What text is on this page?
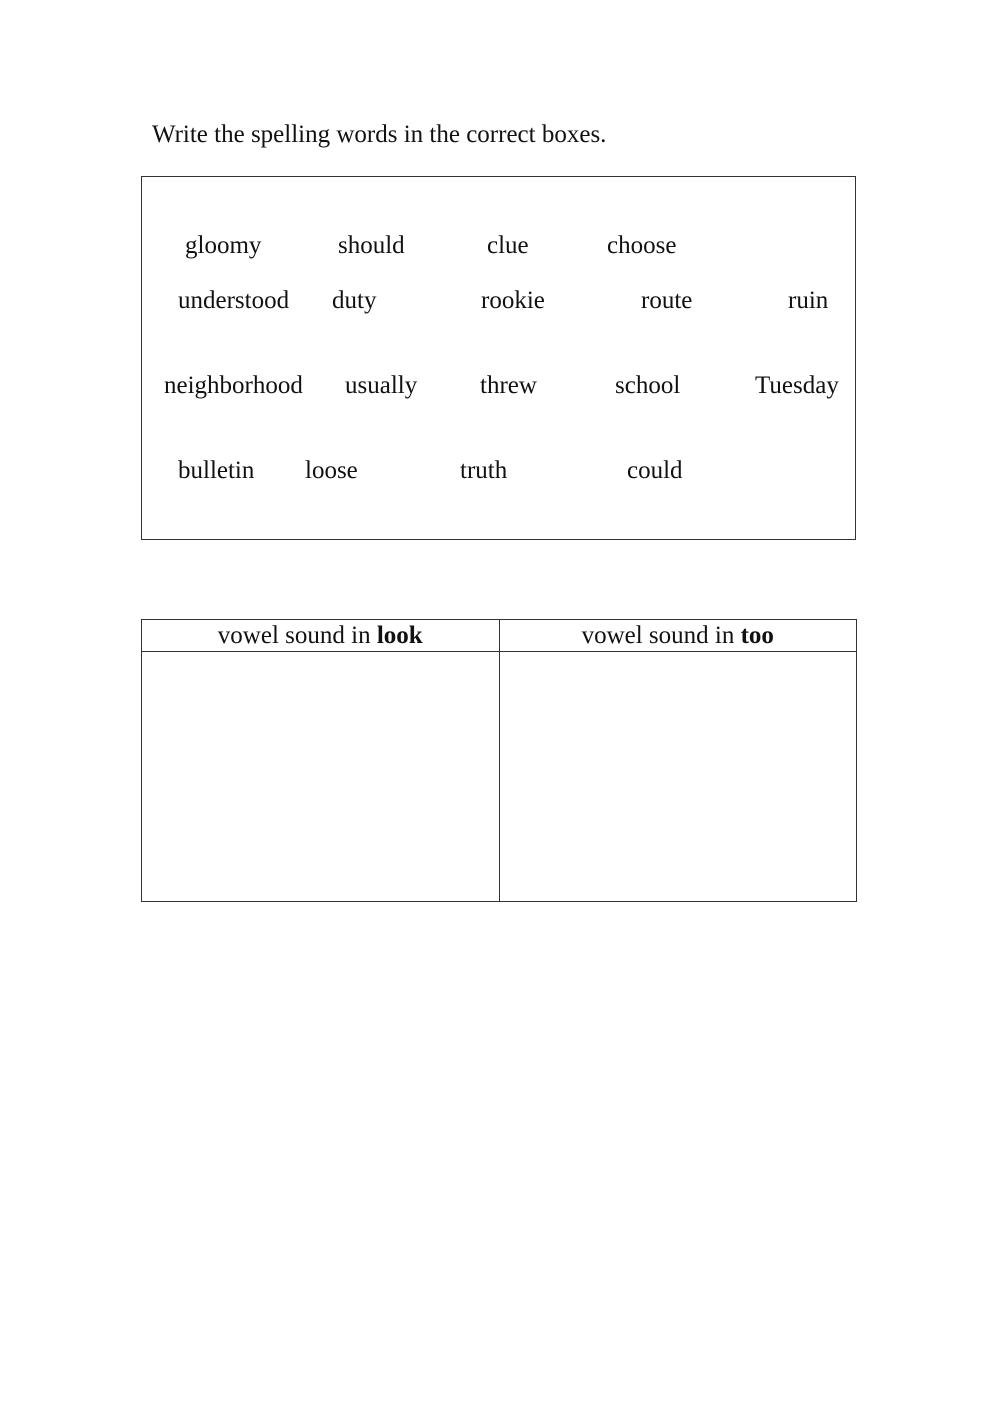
Write the spelling words in the correct boxes.
gloomy	should	clue	choose
understood duty	rookie	route	ruin
neighborhood usually	threw	school	Tuesday
bulletin loose	truth	could
vowel sound in look	vowel sound in too
